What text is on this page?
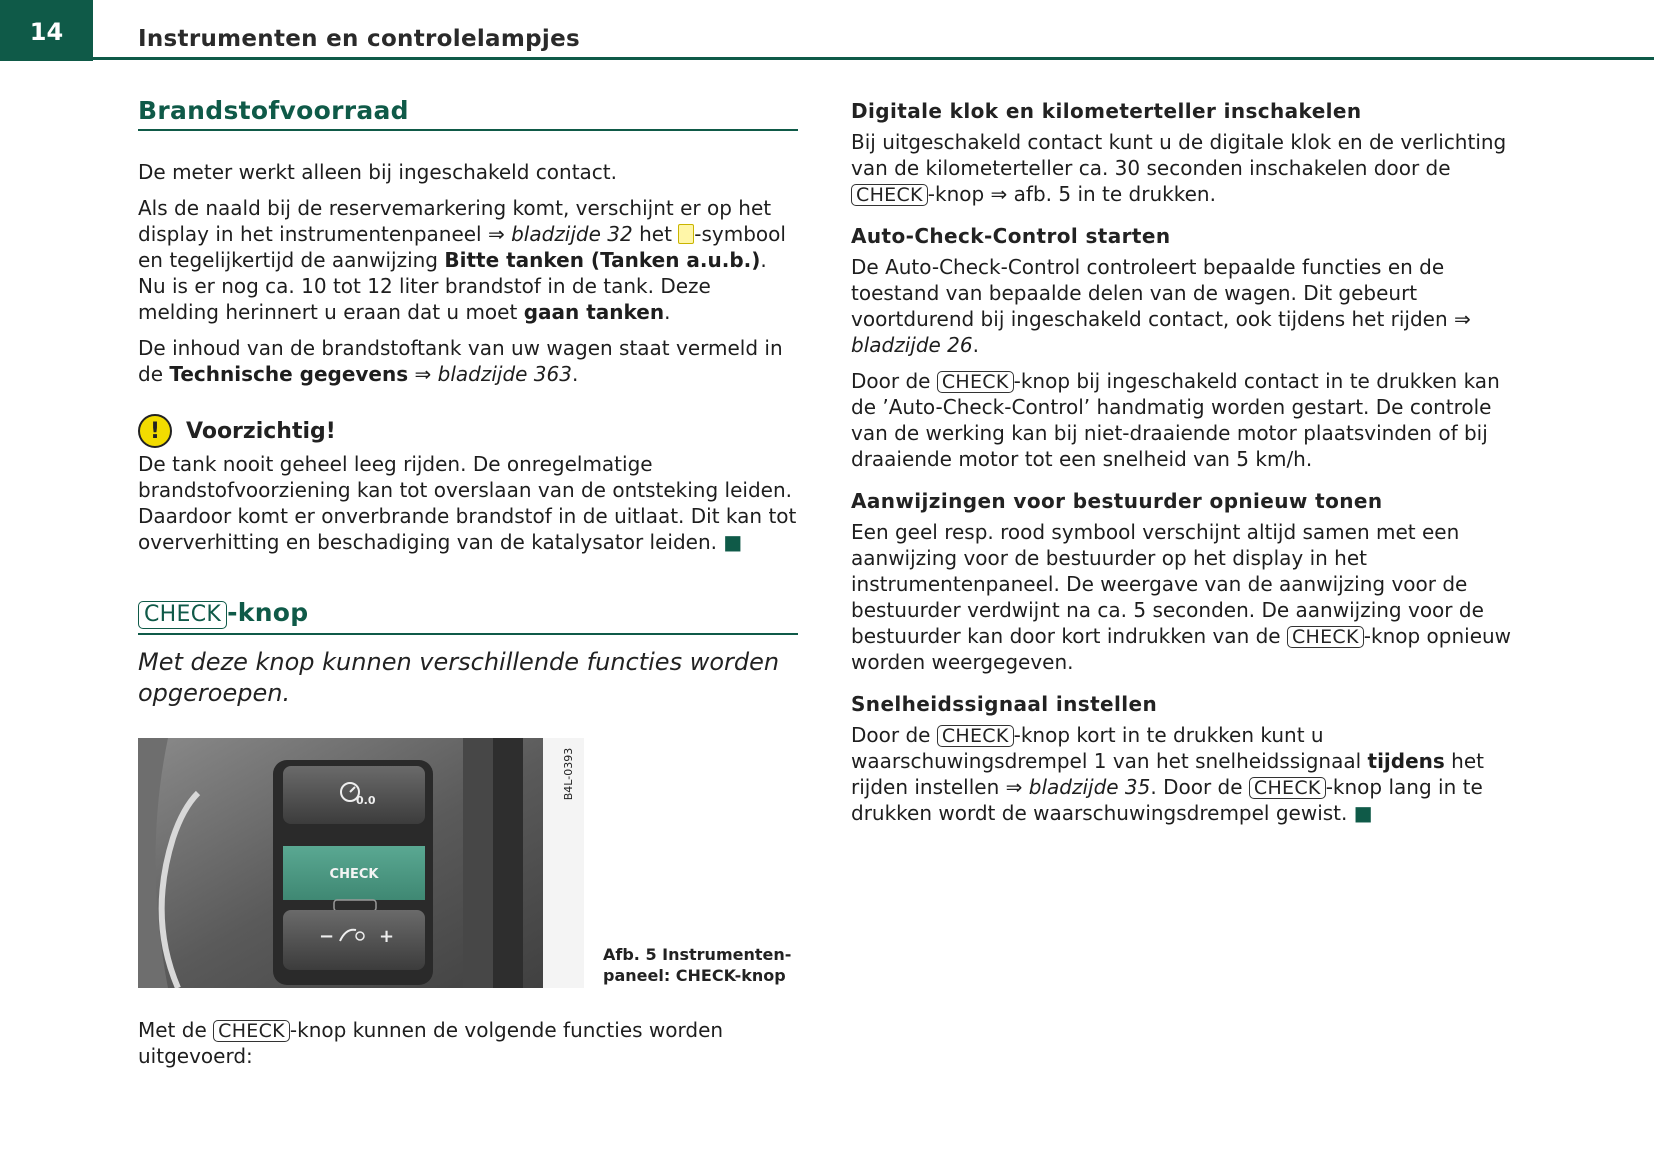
14	Instrumenten en controlelampjes
Brandstofvoorraad

De meter werkt alleen bij ingeschakeld contact.

Als de naald bij de reservemarkering komt, verschijnt er op het display in het instrumentenpaneel ⇒ bladzijde 32 het -symbool en tegelijkertijd de aanwijzing Bitte tanken (Tanken a.u.b.). Nu is er nog ca. 10 tot 12 liter brandstof in de tank. Deze melding herinnert u eraan dat u moet gaan tanken.

De inhoud van de brandstoftank van uw wagen staat vermeld in de Technische gegevens ⇒ bladzijde 363.

!	Voorzichtig!

De tank nooit geheel leeg rijden. De onregelmatige brandstofvoorziening kan tot overslaan van de ontsteking leiden. Daardoor komt er onverbrande brandstof in de uitlaat. Dit kan tot oververhitting en beschadiging van de katalysator leiden. ■

CHECK -knop
Met deze knop kunnen verschillende functies worden opgeroepen.
CHECK
B4L-0393
0.0
− +
Afb. 5 Instrumenten-
paneel: CHECK-knop

Met de CHECK -knop kunnen de volgende functies worden uitgevoerd:

Digitale klok en kilometerteller inschakelen

Bij uitgeschakeld contact kunt u de digitale klok en de verlichting van de kilometerteller ca. 30 seconden inschakelen door de CHECK -knop ⇒ afb. 5 in te drukken.

Auto-Check-Control starten

De Auto-Check-Control controleert bepaalde functies en de toestand van bepaalde delen van de wagen. Dit gebeurt voortdurend bij ingeschakeld contact, ook tijdens het rijden ⇒ bladzijde 26.

Door de CHECK -knop bij ingeschakeld contact in te drukken kan de ’Auto-Check-Control’ handmatig worden gestart. De controle van de werking kan bij niet-draaiende motor plaatsvinden of bij draaiende motor tot een snelheid van 5 km/h.

Aanwijzingen voor bestuurder opnieuw tonen

Een geel resp. rood symbool verschijnt altijd samen met een aanwijzing voor de bestuurder op het display in het instrumentenpaneel. De weergave van de aanwijzing voor de bestuurder verdwijnt na ca. 5 seconden. De aanwijzing voor de bestuurder kan door kort indrukken van de CHECK -knop opnieuw worden weergegeven.

Snelheidssignaal instellen

Door de CHECK -knop kort in te drukken kunt u waarschuwingsdrempel 1 van het snelheidssignaal tijdens het rijden instellen ⇒ bladzijde 35. Door de CHECK -knop lang in te drukken wordt de waarschuwingsdrempel gewist. ■
